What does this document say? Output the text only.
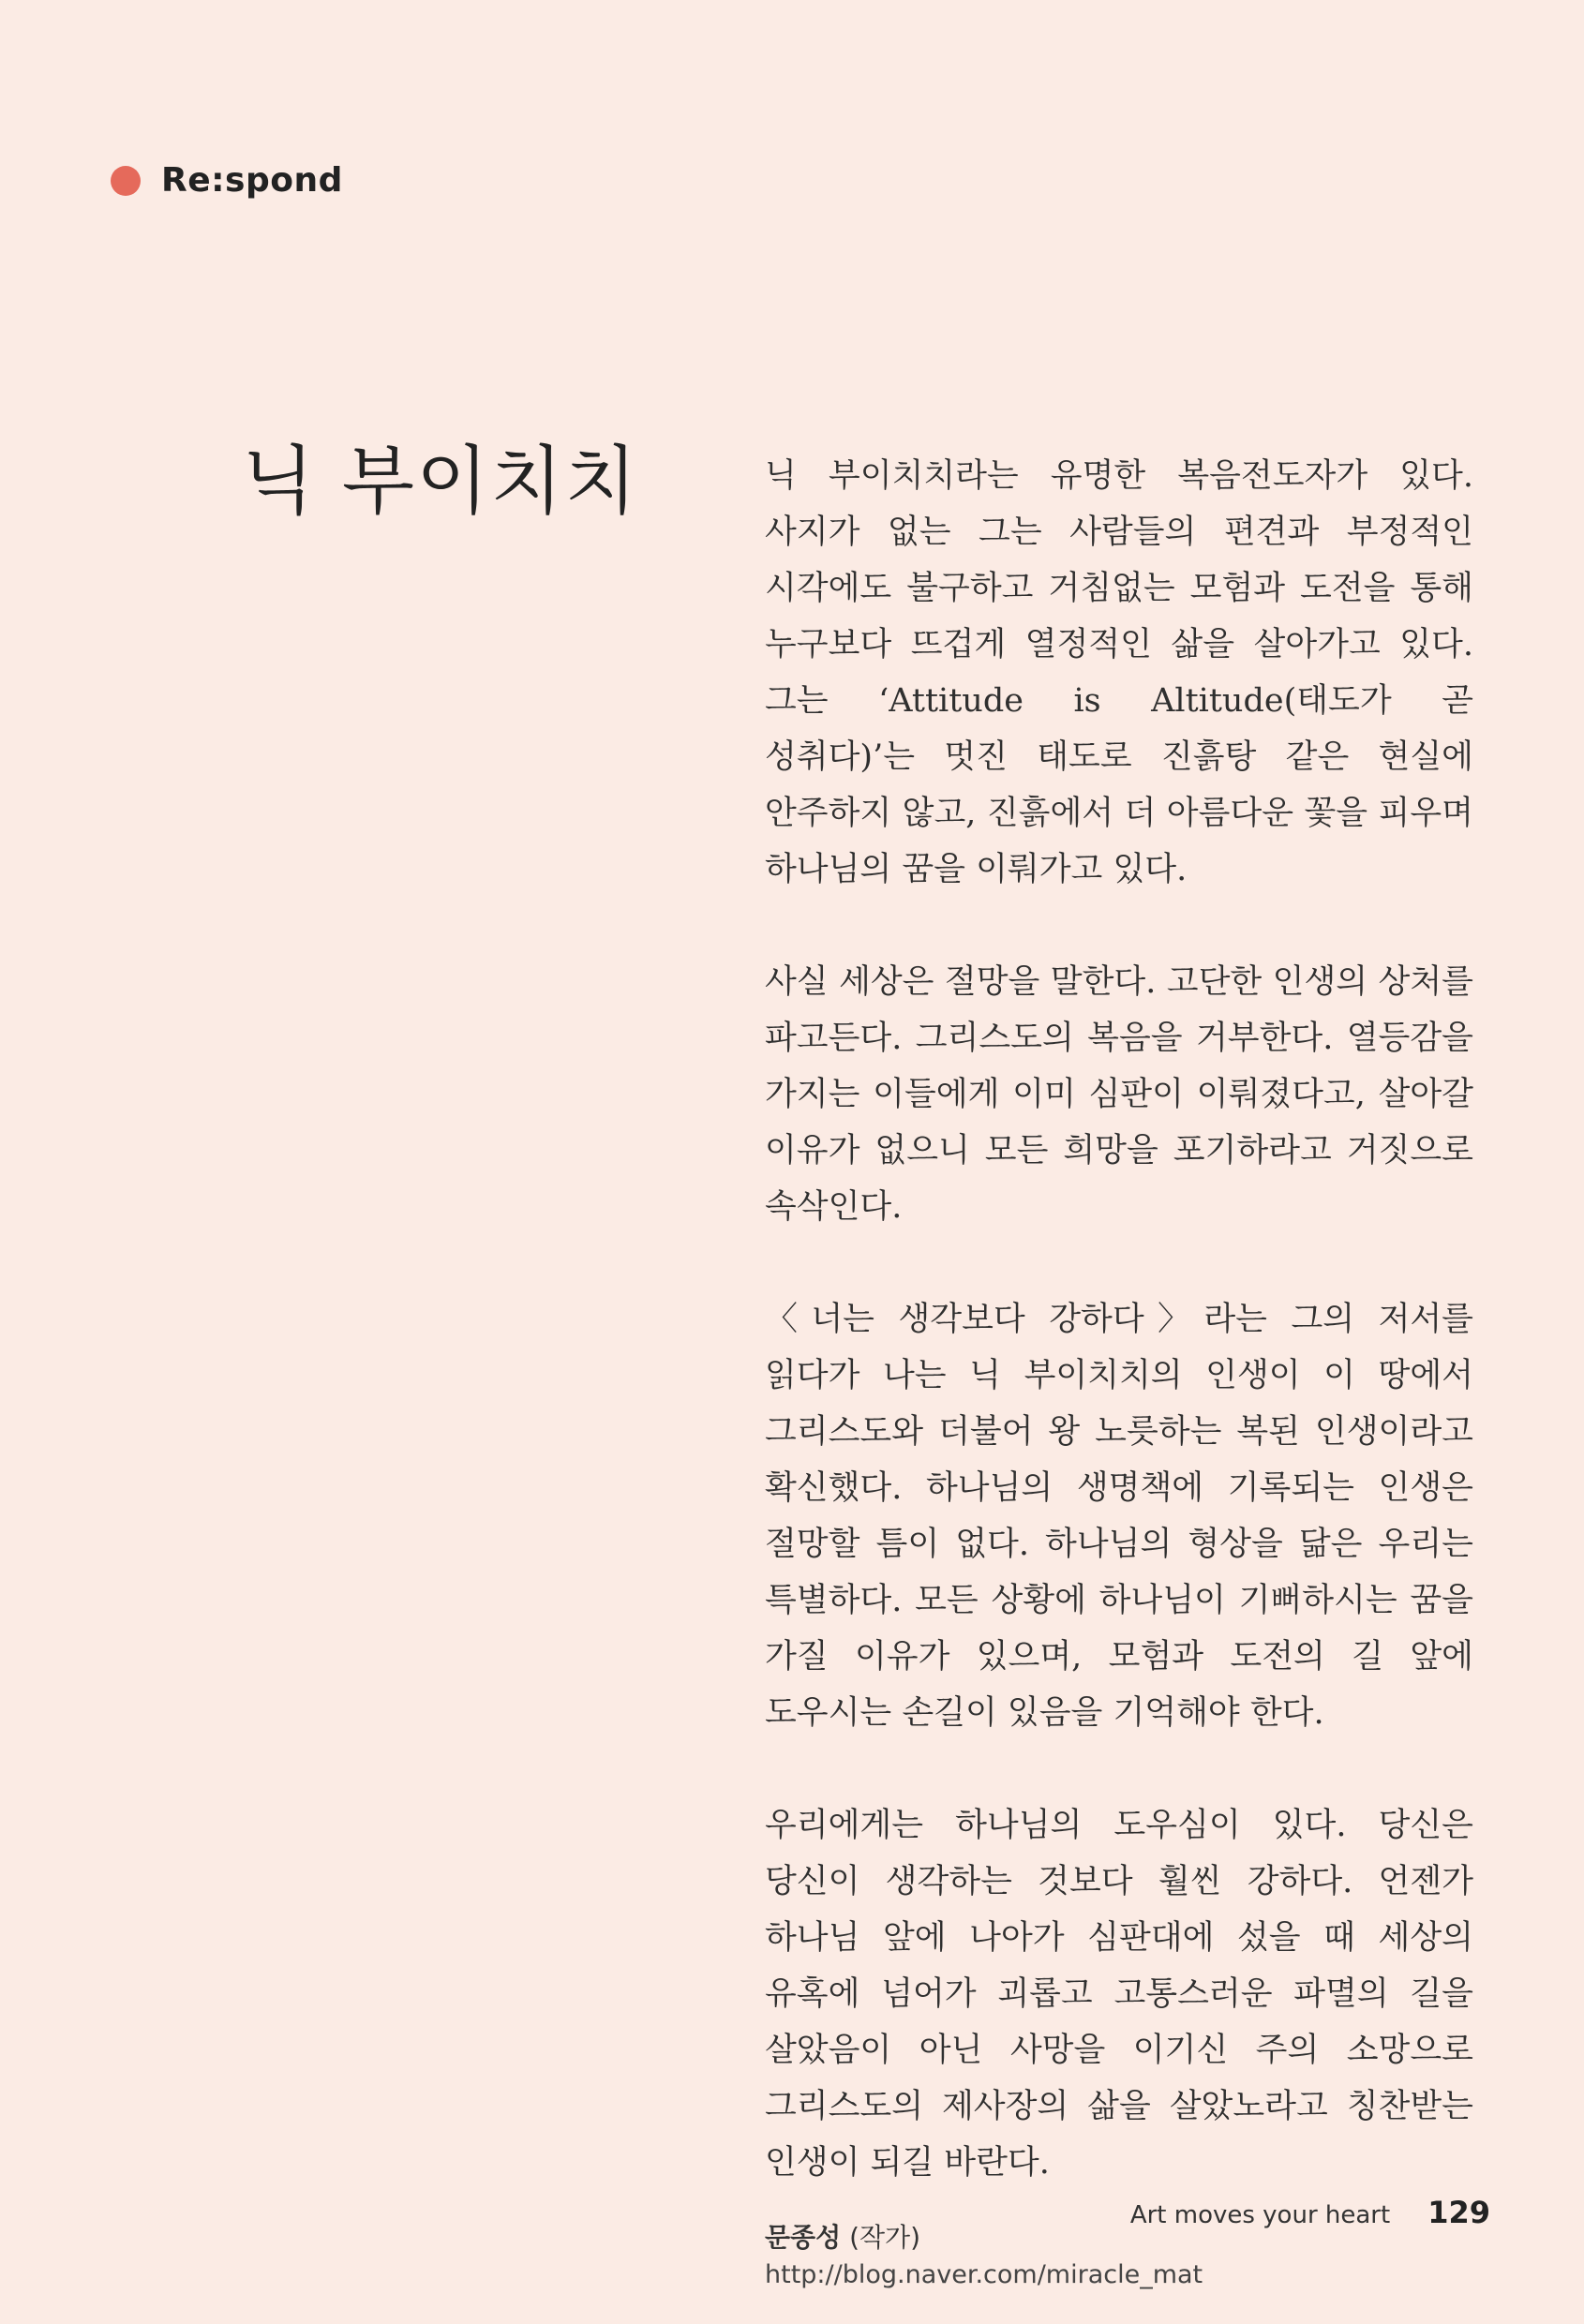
Re:spond
닉 부이치치	닉 부이치치라는 유명한 복음전도자가 있다. 사지가 없는 그는 사람들의 편견과 부정적인 시각에도 불구하고 거침없는 모험과 도전을 통해 누구보다 뜨겁게 열정적인 삶을 살아가고 있다. 그는 ‘Attitude is Altitude(태도가 곧 성취다)’는 멋진 태도로 진흙탕 같은 현실에 안주하지 않고, 진흙에서 더 아름다운 꽃을 피우며 하나님의 꿈을 이뤄가고 있다.

사실 세상은 절망을 말한다. 고단한 인생의 상처를 파고든다. 그리스도의 복음을 거부한다. 열등감을 가지는 이들에게 이미 심판이 이뤄졌다고, 살아갈 이유가 없으니 모든 희망을 포기하라고 거짓으로 속삭인다.

〈너는 생각보다 강하다〉라는 그의 저서를 읽다가 나는 닉 부이치치의 인생이 이 땅에서 그리스도와 더불어 왕 노릇하는 복된 인생이라고 확신했다. 하나님의 생명책에 기록되는 인생은 절망할 틈이 없다. 하나님의 형상을 닮은 우리는 특별하다. 모든 상황에 하나님이 기뻐하시는 꿈을 가질 이유가 있으며, 모험과 도전의 길 앞에 도우시는 손길이 있음을 기억해야 한다.

우리에게는 하나님의 도우심이 있다. 당신은 당신이 생각하는 것보다 훨씬 강하다. 언젠가 하나님 앞에 나아가 심판대에 섰을 때 세상의 유혹에 넘어가 괴롭고 고통스러운 파멸의 길을 살았음이 아닌 사망을 이기신 주의 소망으로 그리스도의 제사장의 삶을 살았노라고 칭찬받는 인생이 되길 바란다.

문종성 (작가)
http://blog.naver.com/miracle_mat
Art moves your heart 129
